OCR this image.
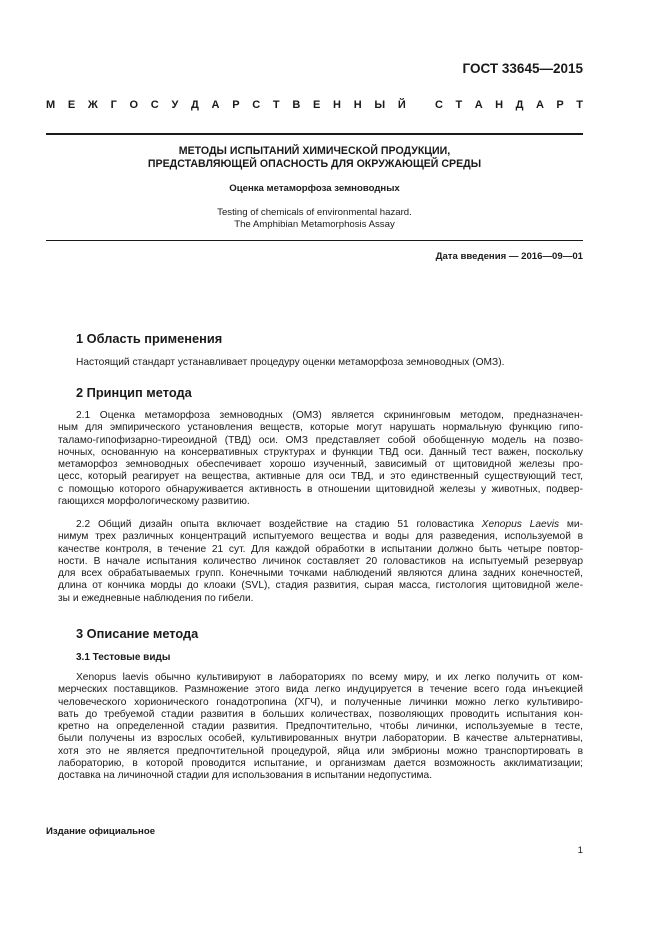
ГОСТ 33645—2015
М Е Ж Г О С У Д А Р С Т В Е Н Н Ы Й	С Т А Н Д А Р Т
МЕТОДЫ ИСПЫТАНИЙ ХИМИЧЕСКОЙ ПРОДУКЦИИ,
ПРЕДСТАВЛЯЮЩЕЙ ОПАСНОСТЬ ДЛЯ ОКРУЖАЮЩЕЙ СРЕДЫ
Оценка метаморфоза земноводных
Testing of chemicals of environmental hazard.
The Amphibian Metamorphosis Assay
Дата введения — 2016—09—01
1 Область применения
Настоящий стандарт устанавливает процедуру оценки метаморфоза земноводных (ОМЗ).
2 Принцип метода
2.1 Оценка метаморфоза земноводных (ОМЗ) является скрининговым методом, предназначен-
ным для эмпирического установления веществ, которые могут нарушать нормальную функцию гипо-
таламо-гипофизарно-тиреоидной (ТВД) оси. ОМЗ представляет собой обобщенную модель на позво-
ночных, основанную на консервативных структурах и функции ТВД оси. Данный тест важен, поскольку
метаморфоз земноводных обеспечивает хорошо изученный, зависимый от щитовидной железы про-
цесс, который реагирует на вещества, активные для оси ТВД, и это единственный существующий тест,
с помощью которого обнаруживается активность в отношении щитовидной железы у животных, подвер-
гающихся морфологическому развитию.
2.2 Общий дизайн опыта включает воздействие на стадию 51 головастика Xenopus Laevis ми-
нимум трех различных концентраций испытуемого вещества и воды для разведения, используемой в
качестве контроля, в течение 21 сут. Для каждой обработки в испытании должно быть четыре повтор-
ности. В начале испытания количество личинок составляет 20 головастиков на испытуемый резервуар
для всех обрабатываемых групп. Конечными точками наблюдений являются длина задних конечностей,
длина от кончика морды до клоаки (SVL), стадия развития, сырая масса, гистология щитовидной желе-
зы и ежедневные наблюдения по гибели.
3 Описание метода
3.1 Тестовые виды
Xenopus laevis обычно культивируют в лабораториях по всему миру, и их легко получить от ком-
мерческих поставщиков. Размножение этого вида легко индуцируется в течение всего года инъекцией
человеческого хорионического гонадотропина (ХГЧ), и полученные личинки можно легко культивиро-
вать до требуемой стадии развития в больших количествах, позволяющих проводить испытания кон-
кретно на определенной стадии развития. Предпочтительно, чтобы личинки, используемые в тесте,
были получены из взрослых особей, культивированных внутри лаборатории. В качестве альтернативы,
хотя это не является предпочтительной процедурой, яйца или эмбрионы можно транспортировать в
лабораторию, в которой проводится испытание, и организмам дается возможность акклиматизации;
доставка на личиночной стадии для использования в испытании недопустима.
Издание официальное
1
